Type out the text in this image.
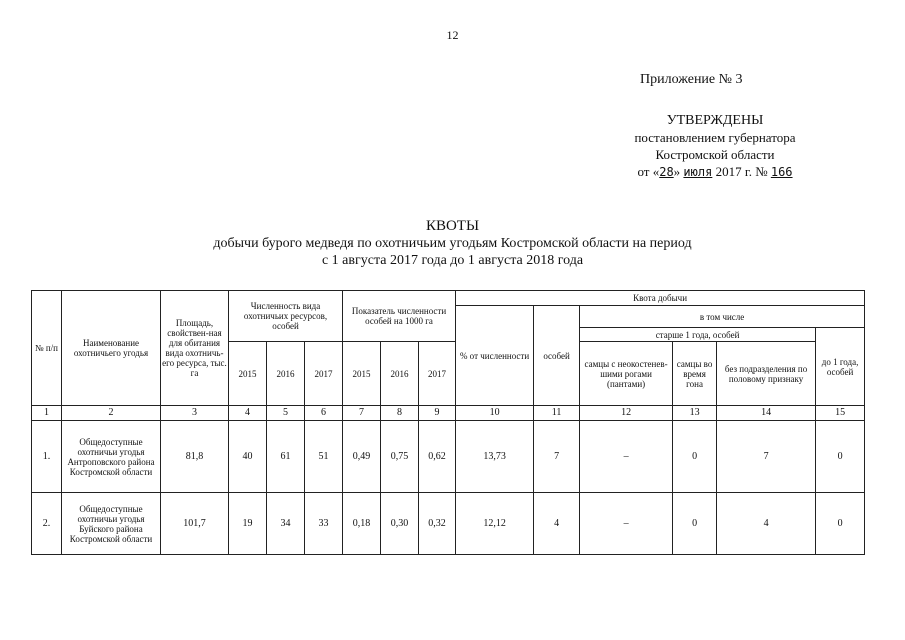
12
Приложение № 3
УТВЕРЖДЕНЫ
постановлением губернатора
Костромской области
от «28» июля 2017 г. № 166
КВОТЫ
добычи бурого медведя по охотничьим угодьям Костромской области на период
с 1 августа 2017 года до 1 августа 2018 года
№ п/п	Наименование охотничьего угодья	Площадь, свойствен-ная для обитания вида охотничь-его ресурса, тыс. га	Численность вида охотничьих ресурсов, особей			Показатель численности особей на 1000 га			Квота добычи					
									% от численности	особей	в том числе			
											старше 1 года, особей			до 1 года, особей
			2015	2016	2017	2015	2016	2017			самцы с неокостенев-шими рогами (пантами)	самцы во время гона	без подразделения по половому признаку	
1	2	3	4	5	6	7	8	9	10	11	12	13	14	15
1.	Общедоступные охотничьи угодья Антроповского района Костромской области	81,8	40	61	51	0,49	0,75	0,62	13,73	7	–	0	7	0
2.	Общедоступные охотничьи угодья Буйского района Костромской области	101,7	19	34	33	0,18	0,30	0,32	12,12	4	–	0	4	0
